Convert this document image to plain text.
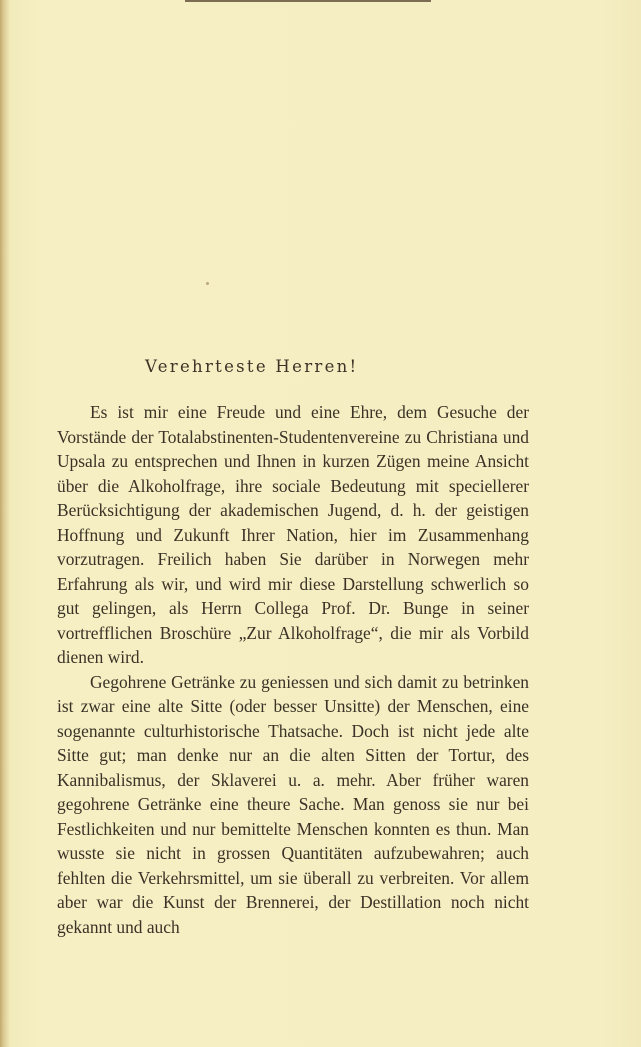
Verehrteste Herren!

Es ist mir eine Freude und eine Ehre, dem Gesuche der Vorstände der Totalabstinenten-Studentenvereine zu Christiana und Upsala zu entsprechen und Ihnen in kurzen Zügen meine Ansicht über die Alkoholfrage, ihre sociale Bedeutung mit speciellerer Berücksichtigung der akademischen Jugend, d. h. der geistigen Hoffnung und Zukunft Ihrer Nation, hier im Zusammenhang vorzutragen. Freilich haben Sie darüber in Norwegen mehr Erfahrung als wir, und wird mir diese Darstellung schwerlich so gut gelingen, als Herrn Collega Prof. Dr. Bunge in seiner vortrefflichen Broschüre „Zur Alkoholfrage“, die mir als Vorbild dienen wird.

Gegohrene Getränke zu geniessen und sich damit zu betrinken ist zwar eine alte Sitte (oder besser Unsitte) der Menschen, eine sogenannte culturhistorische Thatsache. Doch ist nicht jede alte Sitte gut; man denke nur an die alten Sitten der Tortur, des Kannibalismus, der Sklaverei u. a. mehr. Aber früher waren gegohrene Getränke eine theure Sache. Man genoss sie nur bei Festlichkeiten und nur bemittelte Menschen konnten es thun. Man wusste sie nicht in grossen Quantitäten aufzubewahren; auch fehlten die Verkehrsmittel, um sie überall zu verbreiten. Vor allem aber war die Kunst der Brennerei, der Destillation noch nicht gekannt und auch
